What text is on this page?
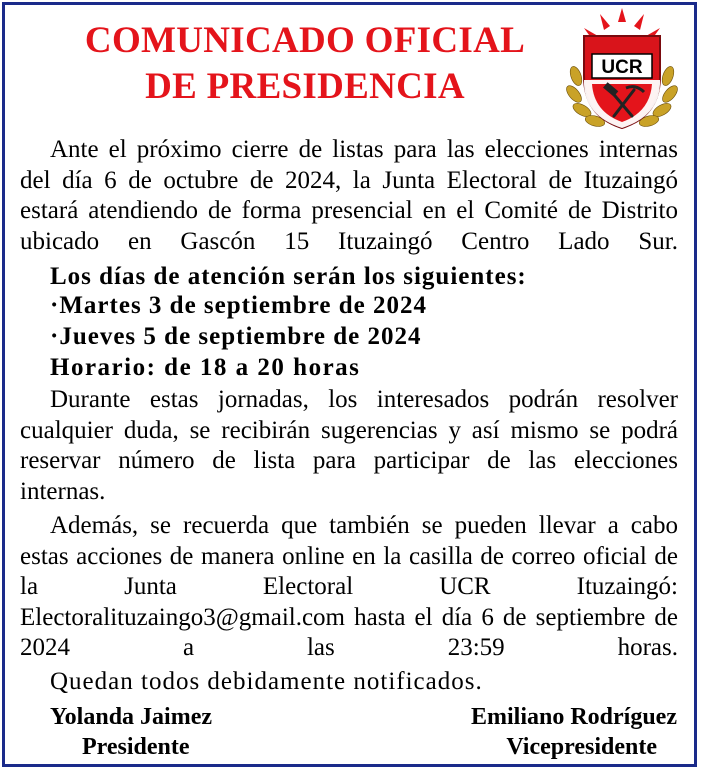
COMUNICADO OFICIAL
DE PRESIDENCIA	UCR
Ante el próximo cierre de listas para las elecciones internas del día 6 de octubre de 2024, la Junta Electoral de Ituzaingó estará atendiendo de forma presencial en el Comité de Distrito ubicado en Gascón 15 Ituzaingó Centro Lado Sur.
Los días de atención serán los siguientes:
·Martes 3 de septiembre de 2024
·Jueves 5 de septiembre de 2024
Horario: de 18 a 20 horas
Durante estas jornadas, los interesados podrán resolver cualquier duda, se recibirán sugerencias y así mismo se podrá reservar número de lista para participar de las elecciones internas.
Además, se recuerda que también se pueden llevar a cabo estas acciones de manera online en la casilla de correo oficial de la Junta Electoral UCR Ituzaingó: Electoralituzaingo3@gmail.com hasta el día 6 de septiembre de 2024 a las 23:59 horas.
Quedan todos debidamente notificados.
Yolanda Jaimez
Presidente
Emiliano Rodríguez
Vicepresidente
